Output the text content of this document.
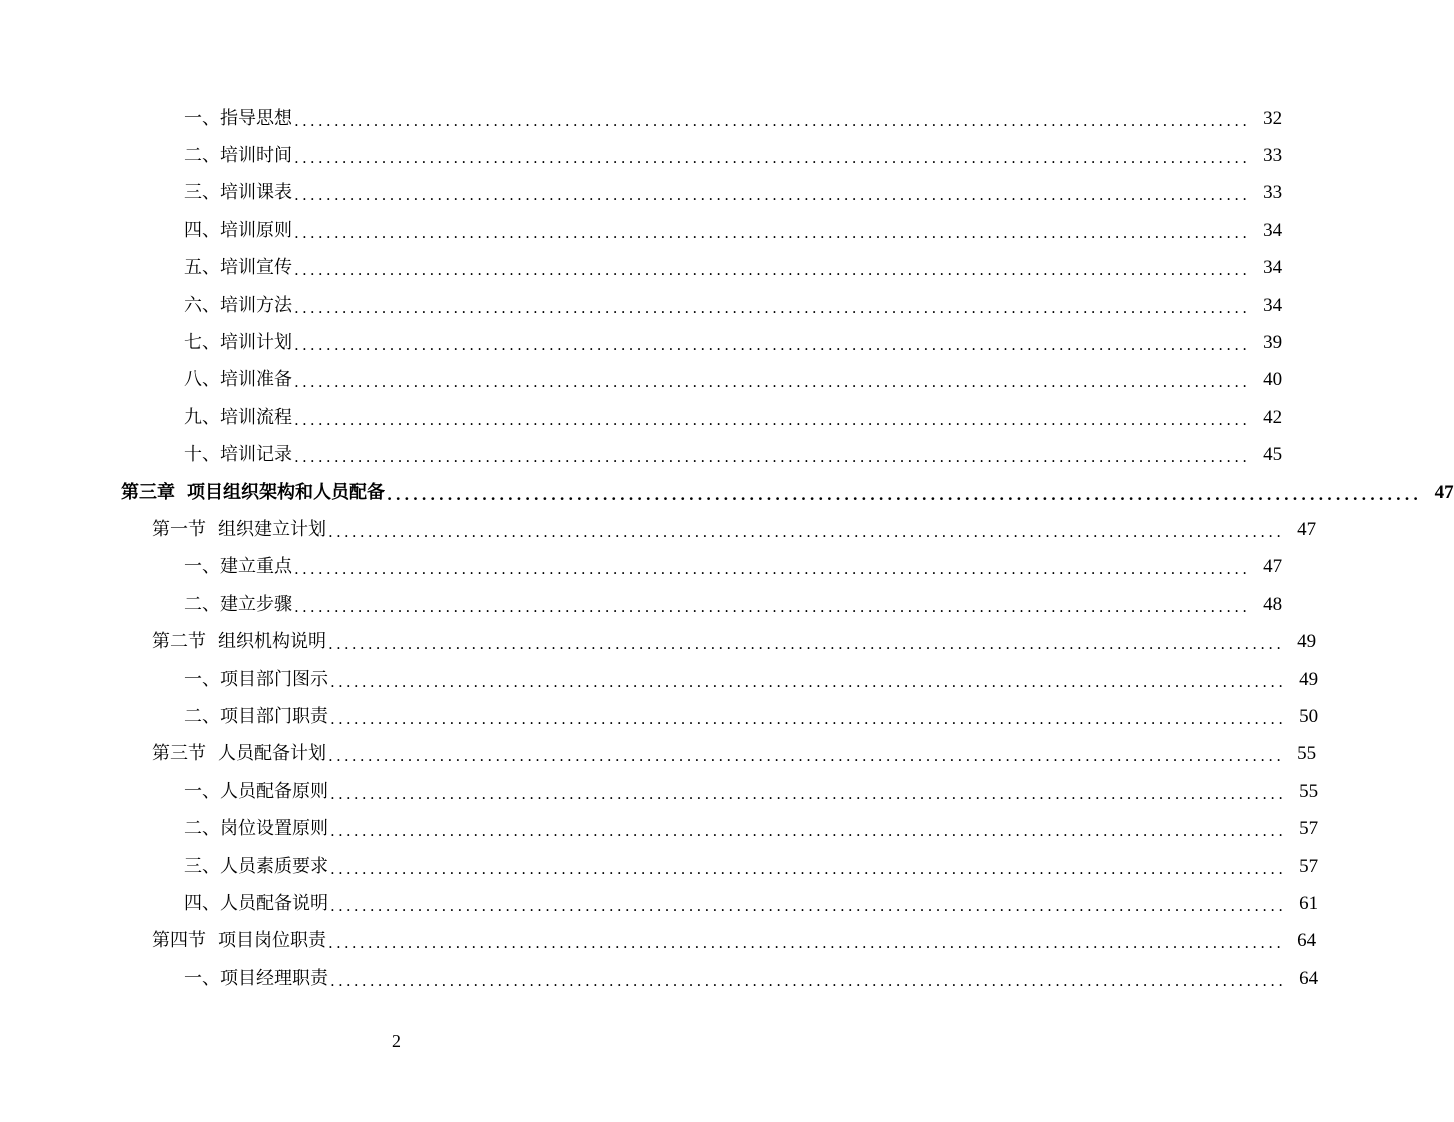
一、指导思想 ........................................................................................................................ 32
二、培训时间 ........................................................................................................................ 33
三、培训课表 ........................................................................................................................ 33
四、培训原则 ........................................................................................................................ 34
五、培训宣传 ........................................................................................................................ 34
六、培训方法 ........................................................................................................................ 34
七、培训计划 ........................................................................................................................ 39
八、培训准备 ........................................................................................................................ 40
九、培训流程 ........................................................................................................................ 42
十、培训记录 ........................................................................................................................ 45
第三章 项目组织架构和人员配备 ........................................................................................................................ 47
第一节 组织建立计划 ........................................................................................................................ 47
一、建立重点 ........................................................................................................................ 47
二、建立步骤 ........................................................................................................................ 48
第二节 组织机构说明 ........................................................................................................................ 49
一、项目部门图示 ........................................................................................................................ 49
二、项目部门职责 ........................................................................................................................ 50
第三节 人员配备计划 ........................................................................................................................ 55
一、人员配备原则 ........................................................................................................................ 55
二、岗位设置原则 ........................................................................................................................ 57
三、人员素质要求 ........................................................................................................................ 57
四、人员配备说明 ........................................................................................................................ 61
第四节 项目岗位职责 ........................................................................................................................ 64
一、项目经理职责 ........................................................................................................................ 64
2
